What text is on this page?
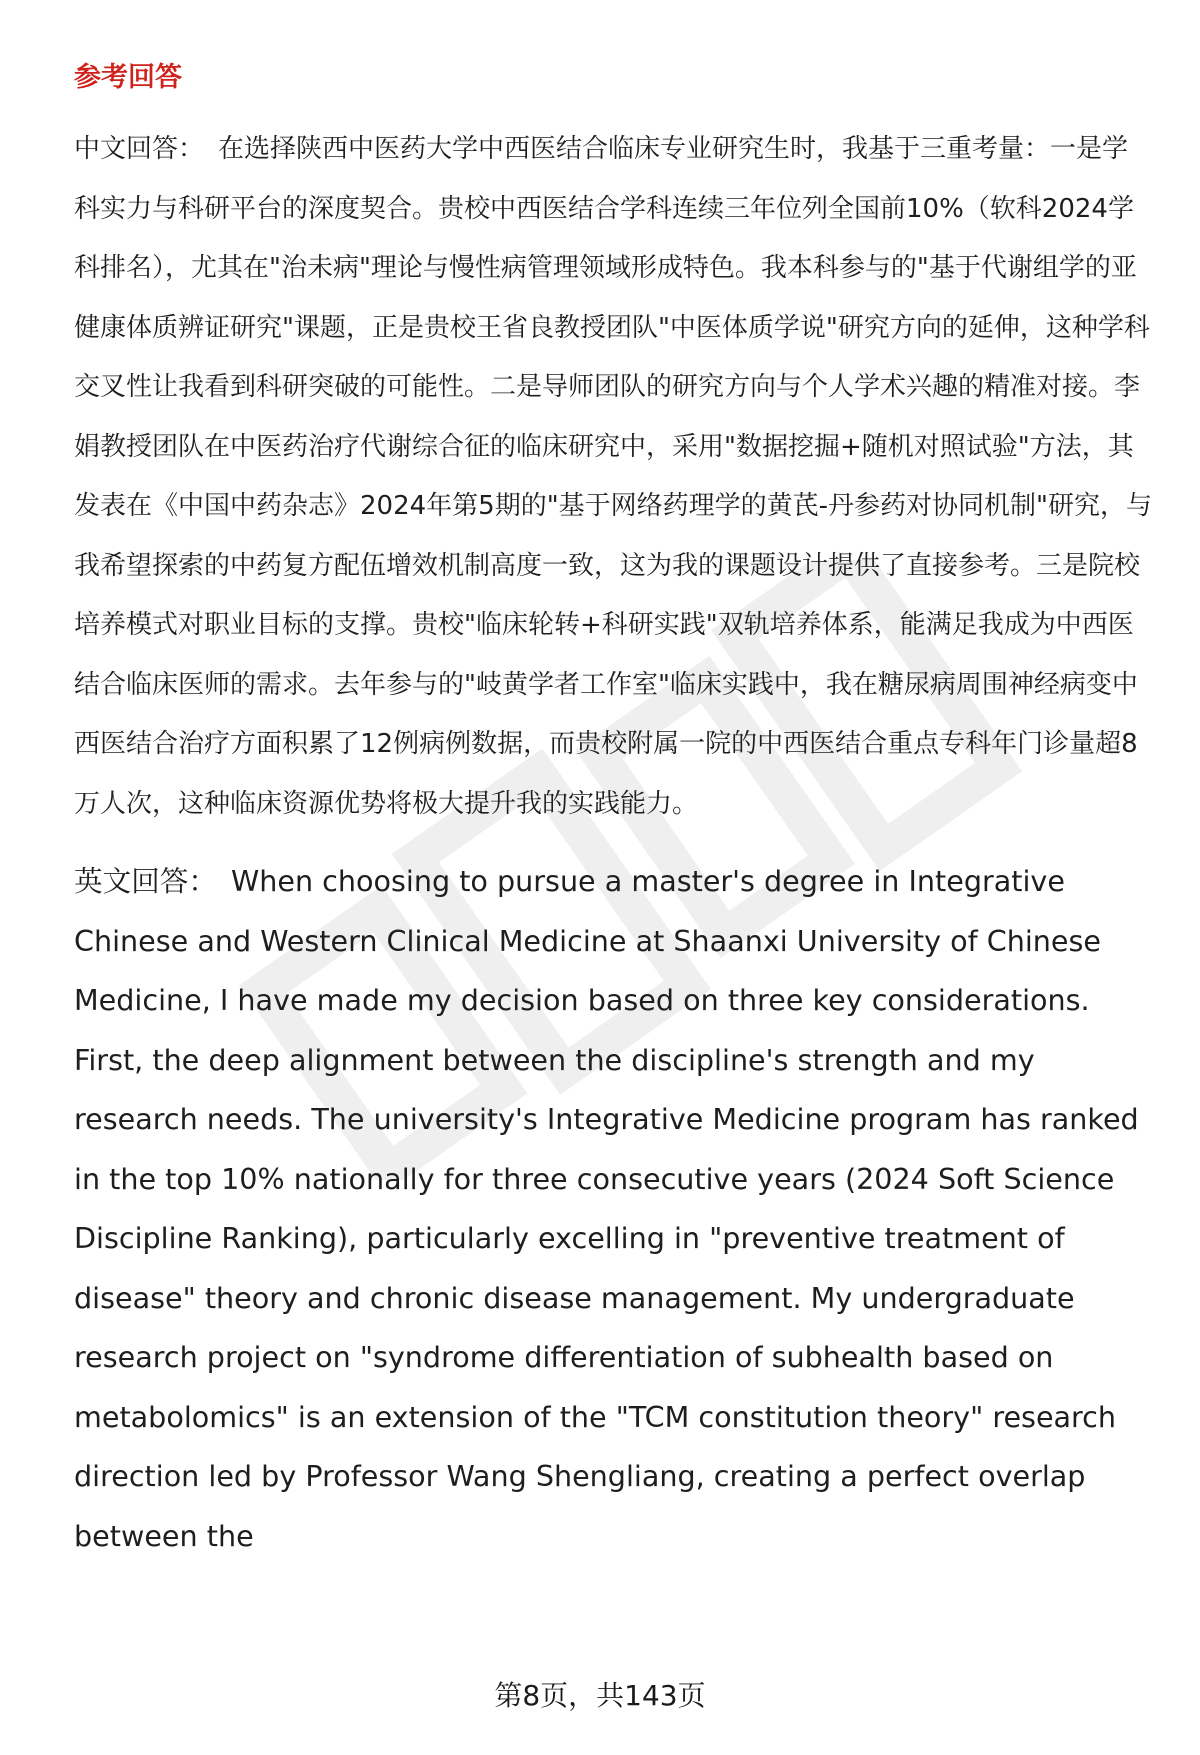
参考回答

中文回答： 在选择陕西中医药大学中西医结合临床专业研究生时，我基于三重考量：一是学科实力与科研平台的深度契合。贵校中西医结合学科连续三年位列全国前10%（软科2024学科排名），尤其在"治未病"理论与慢性病管理领域形成特色。我本科参与的"基于代谢组学的亚健康体质辨证研究"课题，正是贵校王省良教授团队"中医体质学说"研究方向的延伸，这种学科交叉性让我看到科研突破的可能性。二是导师团队的研究方向与个人学术兴趣的精准对接。李娟教授团队在中医药治疗代谢综合征的临床研究中，采用"数据挖掘+随机对照试验"方法，其发表在《中国中药杂志》2024年第5期的"基于网络药理学的黄芪-丹参药对协同机制"研究，与我希望探索的中药复方配伍增效机制高度一致，这为我的课题设计提供了直接参考。三是院校培养模式对职业目标的支撑。贵校"临床轮转+科研实践"双轨培养体系，能满足我成为中西医结合临床医师的需求。去年参与的"岐黄学者工作室"临床实践中，我在糖尿病周围神经病变中西医结合治疗方面积累了12例病例数据，而贵校附属一院的中西医结合重点专科年门诊量超8万人次，这种临床资源优势将极大提升我的实践能力。

英文回答： When choosing to pursue a master's degree in Integrative Chinese and Western Clinical Medicine at Shaanxi University of Chinese Medicine, I have made my decision based on three key considerations. First, the deep alignment between the discipline's strength and my research needs. The university's Integrative Medicine program has ranked in the top 10% nationally for three consecutive years (2024 Soft Science Discipline Ranking), particularly excelling in "preventive treatment of disease" theory and chronic disease management. My undergraduate research project on "syndrome differentiation of subhealth based on metabolomics" is an extension of the "TCM constitution theory" research direction led by Professor Wang Shengliang, creating a perfect overlap between the

第8页，共143页
